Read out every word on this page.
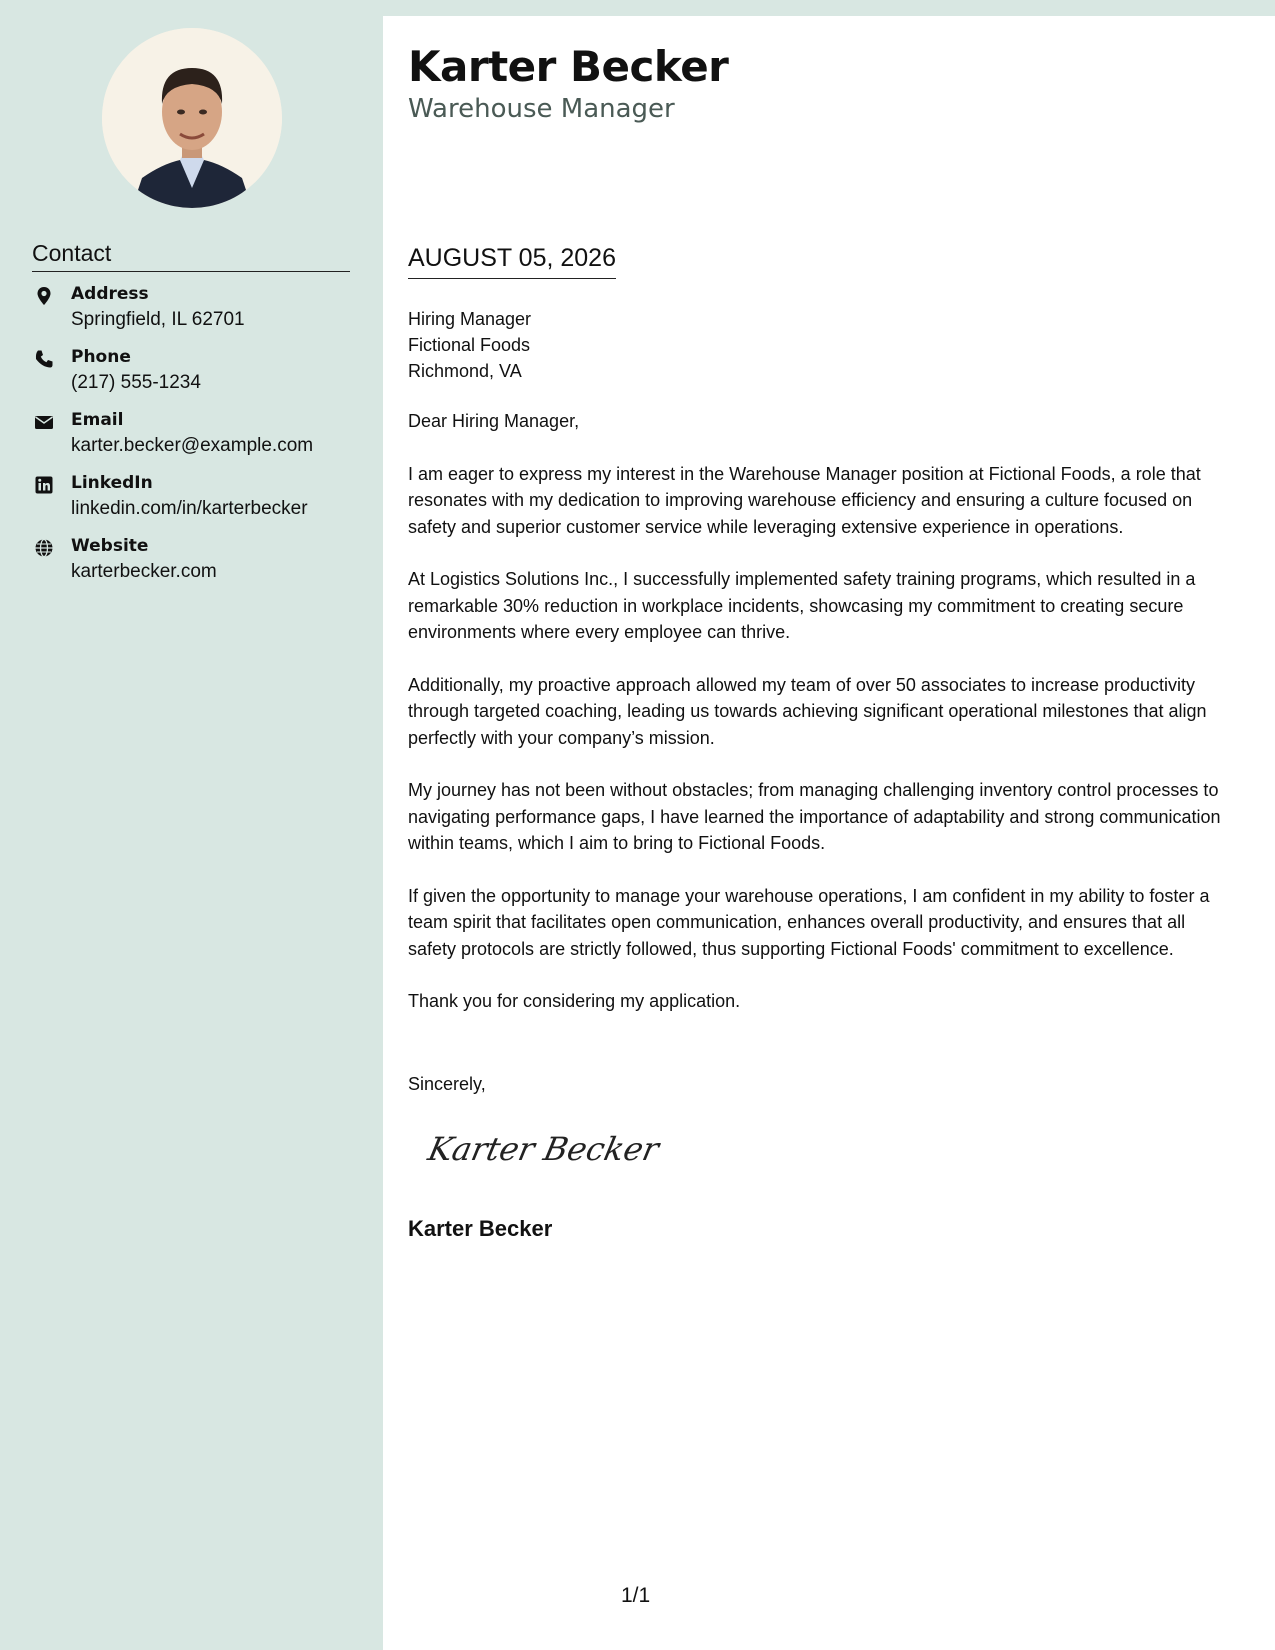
Contact
Address
Springfield, IL 62701
Phone
(217) 555-1234
Email
karter.becker@example.com
LinkedIn
linkedin.com/in/karterbecker
Website
karterbecker.com
Karter Becker
Warehouse Manager
AUGUST 05, 2026
Hiring Manager
Fictional Foods
Richmond, VA

Dear Hiring Manager,

I am eager to express my interest in the Warehouse Manager position at Fictional Foods, a role that resonates with my dedication to improving warehouse efficiency and ensuring a culture focused on safety and superior customer service while leveraging extensive experience in operations.

At Logistics Solutions Inc., I successfully implemented safety training programs, which resulted in a remarkable 30% reduction in workplace incidents, showcasing my commitment to creating secure environments where every employee can thrive.

Additionally, my proactive approach allowed my team of over 50 associates to increase productivity through targeted coaching, leading us towards achieving significant operational milestones that align perfectly with your company’s mission.

My journey has not been without obstacles; from managing challenging inventory control processes to navigating performance gaps, I have learned the importance of adaptability and strong communication within teams, which I aim to bring to Fictional Foods.

If given the opportunity to manage your warehouse operations, I am confident in my ability to foster a team spirit that facilitates open communication, enhances overall productivity, and ensures that all safety protocols are strictly followed, thus supporting Fictional Foods' commitment to excellence.

Thank you for considering my application.

Sincerely,
Karter Becker
Karter Becker
1/1
